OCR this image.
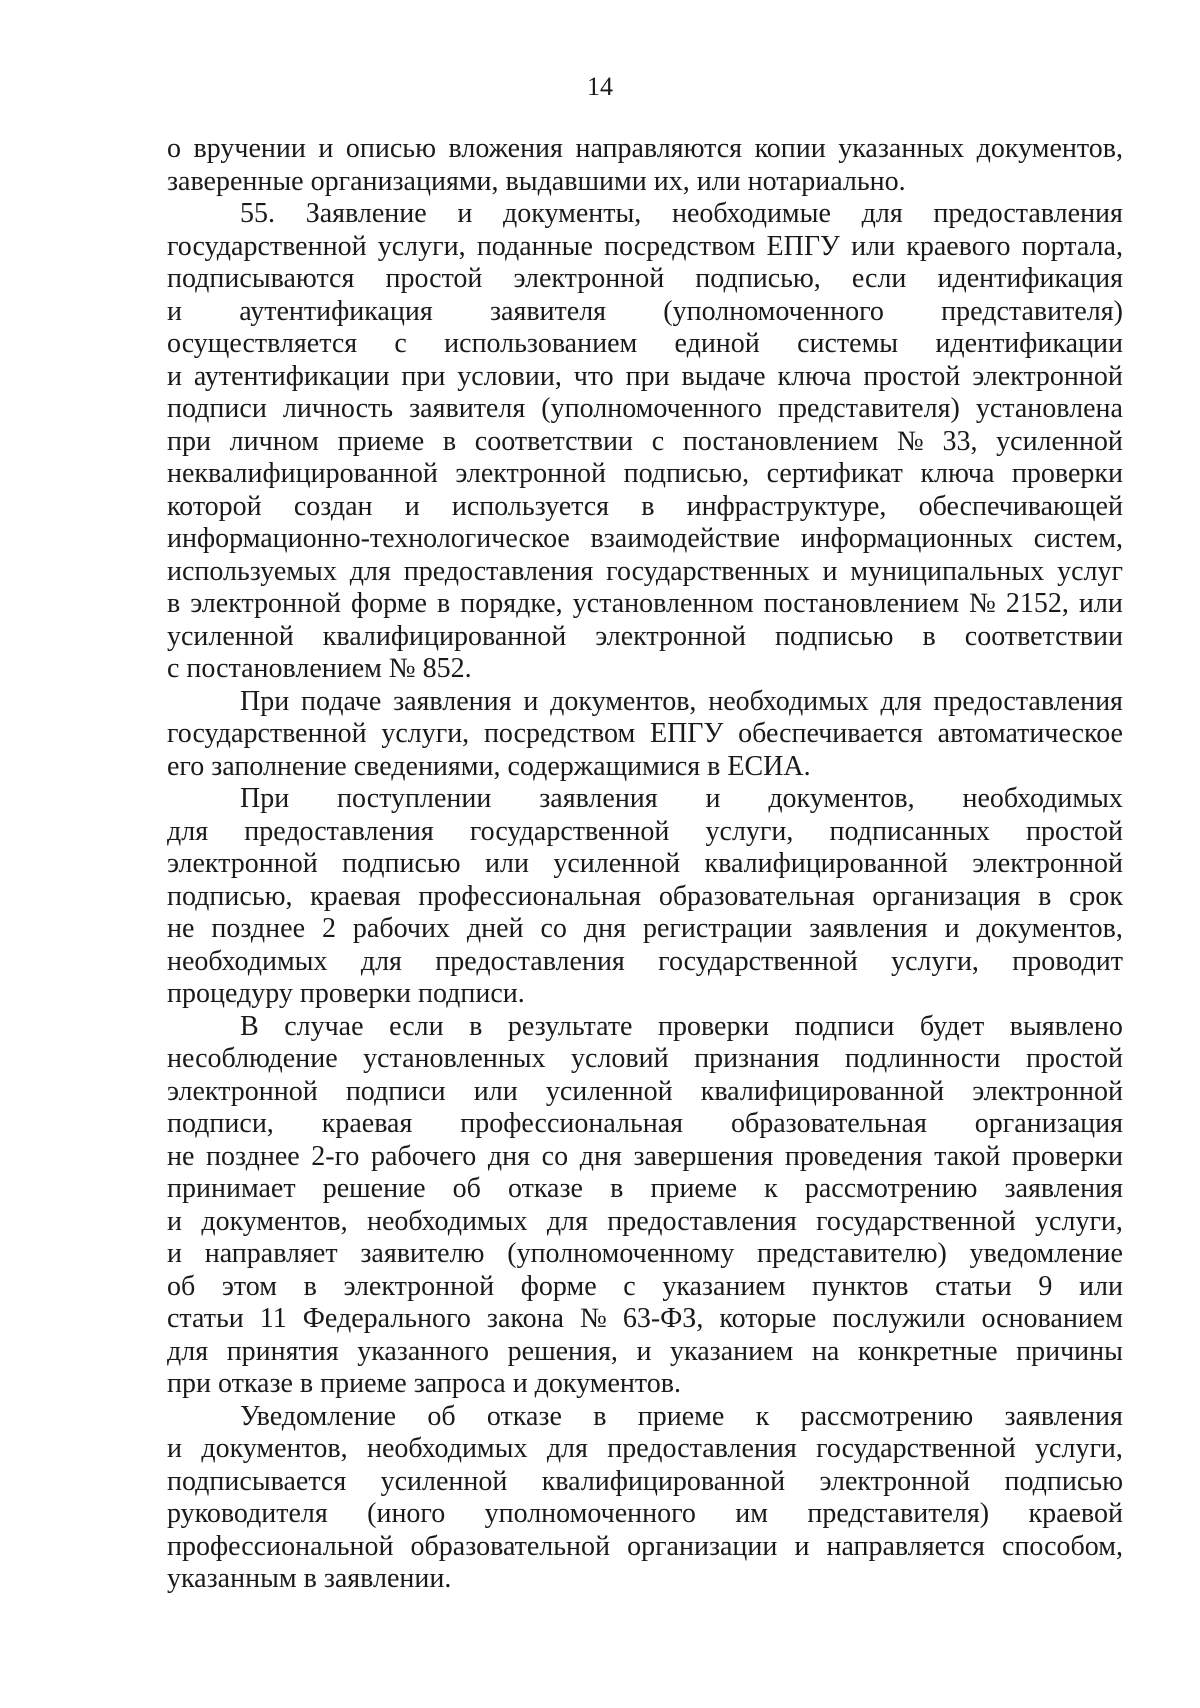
14
о вручении и описью вложения направляются копии указанных документов,
заверенные организациями, выдавшими их, или нотариально.
55. Заявление и документы, необходимые для предоставления
государственной услуги, поданные посредством ЕПГУ или краевого портала,
подписываются простой электронной подписью, если идентификация
и аутентификация заявителя (уполномоченного представителя)
осуществляется с использованием единой системы идентификации
и аутентификации при условии, что при выдаче ключа простой электронной
подписи личность заявителя (уполномоченного представителя) установлена
при личном приеме в соответствии с постановлением № 33, усиленной
неквалифицированной электронной подписью, сертификат ключа проверки
которой создан и используется в инфраструктуре, обеспечивающей
информационно-технологическое взаимодействие информационных систем,
используемых для предоставления государственных и муниципальных услуг
в электронной форме в порядке, установленном постановлением № 2152, или
усиленной квалифицированной электронной подписью в соответствии
с постановлением № 852.
При подаче заявления и документов, необходимых для предоставления
государственной услуги, посредством ЕПГУ обеспечивается автоматическое
его заполнение сведениями, содержащимися в ЕСИА.
При поступлении заявления и документов, необходимых
для предоставления государственной услуги, подписанных простой
электронной подписью или усиленной квалифицированной электронной
подписью, краевая профессиональная образовательная организация в срок
не позднее 2 рабочих дней со дня регистрации заявления и документов,
необходимых для предоставления государственной услуги, проводит
процедуру проверки подписи.
В случае если в результате проверки подписи будет выявлено
несоблюдение установленных условий признания подлинности простой
электронной подписи или усиленной квалифицированной электронной
подписи, краевая профессиональная образовательная организация
не позднее 2-го рабочего дня со дня завершения проведения такой проверки
принимает решение об отказе в приеме к рассмотрению заявления
и документов, необходимых для предоставления государственной услуги,
и направляет заявителю (уполномоченному представителю) уведомление
об этом в электронной форме с указанием пунктов статьи 9 или
статьи 11 Федерального закона № 63-ФЗ, которые послужили основанием
для принятия указанного решения, и указанием на конкретные причины
при отказе в приеме запроса и документов.
Уведомление об отказе в приеме к рассмотрению заявления
и документов, необходимых для предоставления государственной услуги,
подписывается усиленной квалифицированной электронной подписью
руководителя (иного уполномоченного им представителя) краевой
профессиональной образовательной организации и направляется способом,
указанным в заявлении.
